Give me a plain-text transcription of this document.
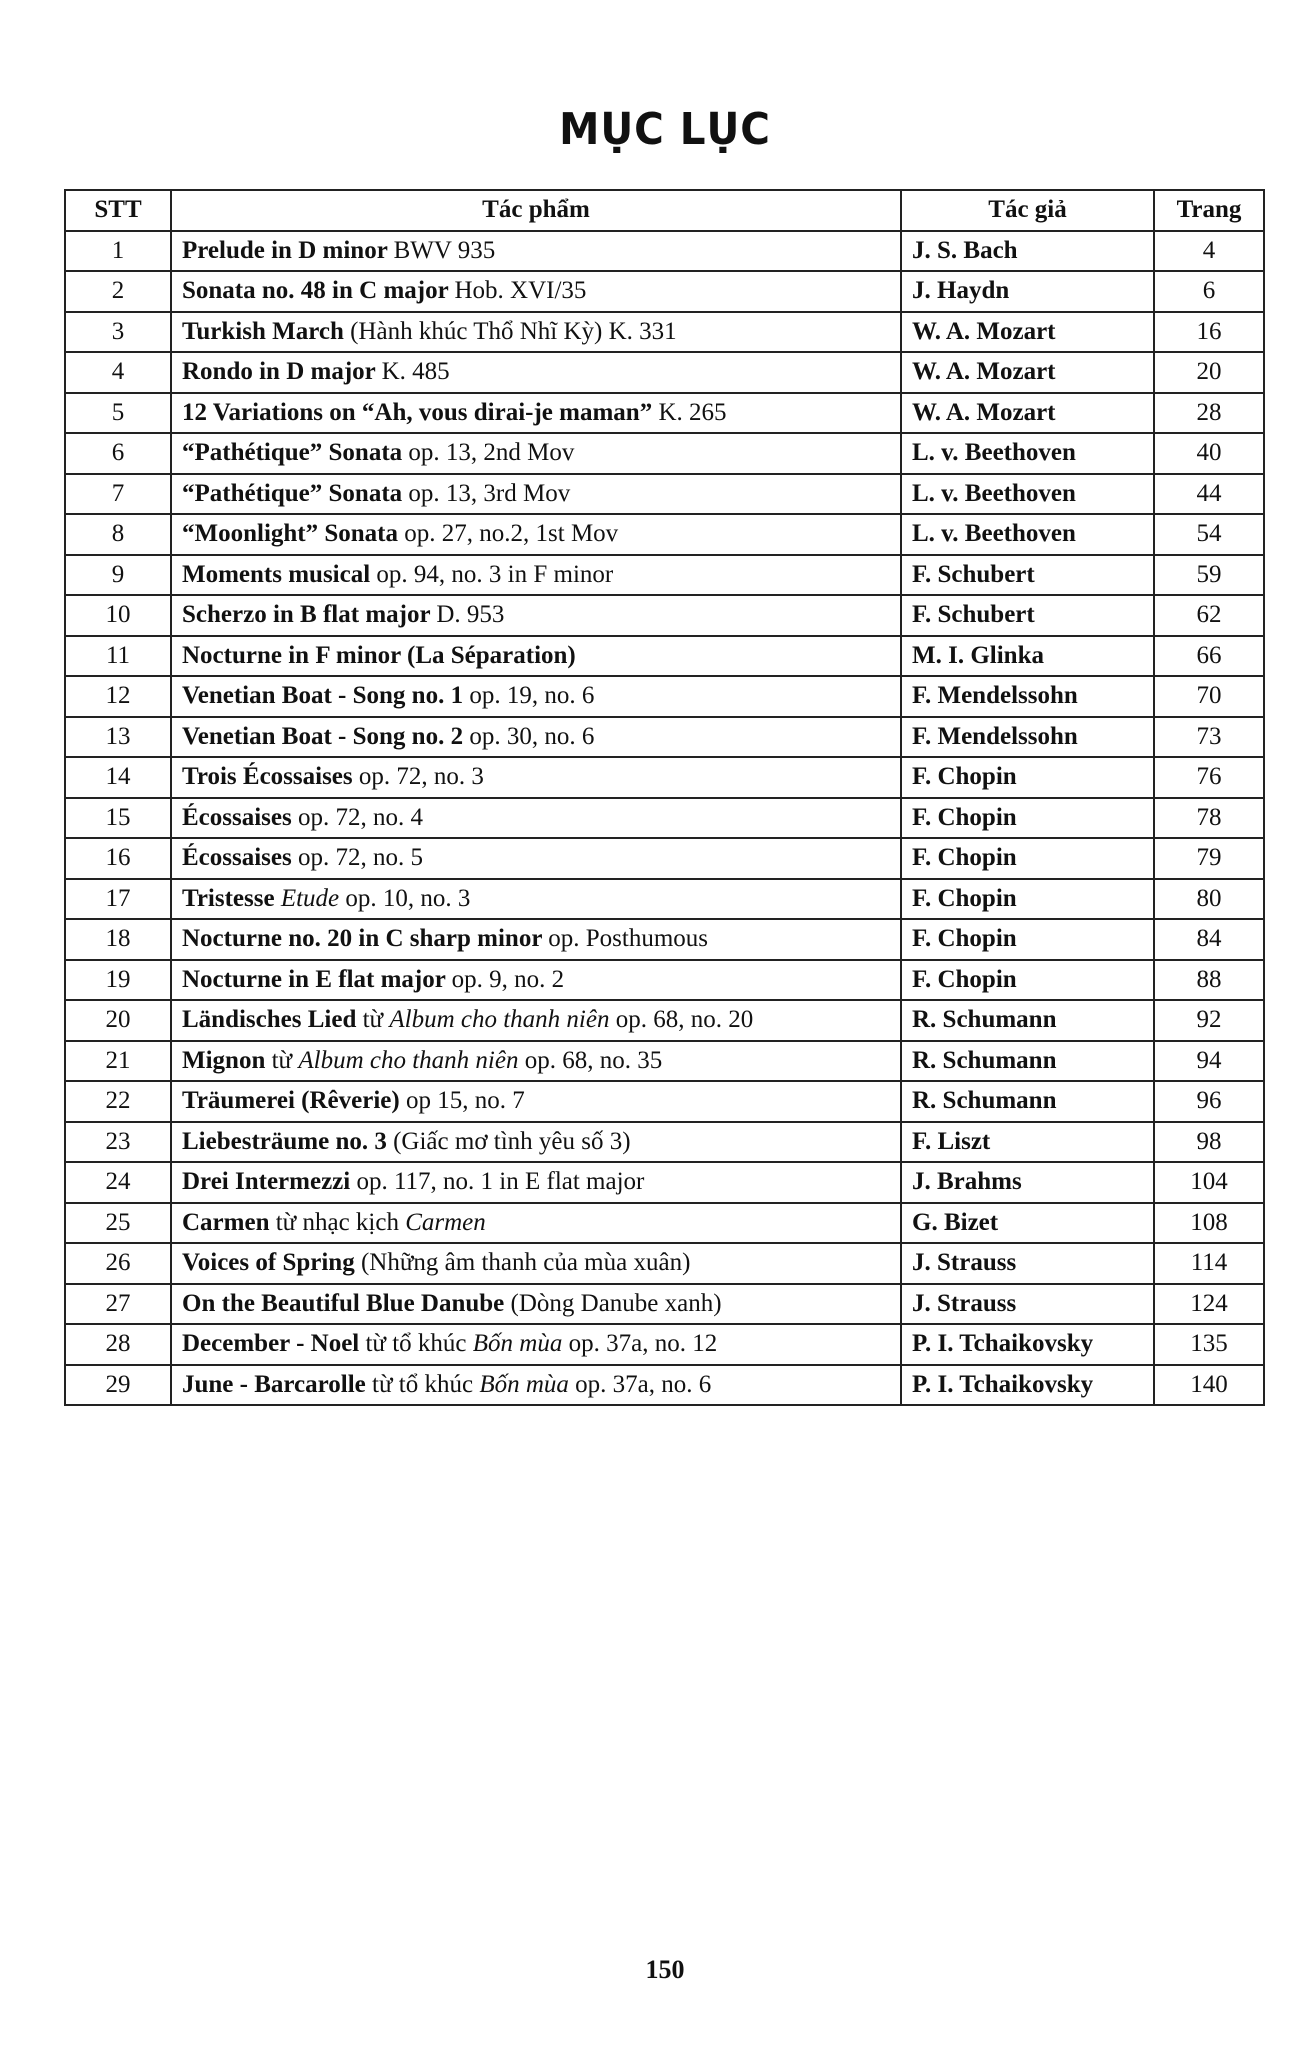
MỤC LỤC
STT	Tác phẩm	Tác giả	Trang
1	Prelude in D minor BWV 935	J. S. Bach	4
2	Sonata no. 48 in C major Hob. XVI/35	J. Haydn	6
3	Turkish March (Hành khúc Thổ Nhĩ Kỳ) K. 331	W. A. Mozart	16
4	Rondo in D major K. 485	W. A. Mozart	20
5	12 Variations on “Ah, vous dirai-je maman” K. 265	W. A. Mozart	28
6	“Pathétique” Sonata op. 13, 2nd Mov	L. v. Beethoven	40
7	“Pathétique” Sonata op. 13, 3rd Mov	L. v. Beethoven	44
8	“Moonlight” Sonata op. 27, no.2, 1st Mov	L. v. Beethoven	54
9	Moments musical op. 94, no. 3 in F minor	F. Schubert	59
10	Scherzo in B flat major D. 953	F. Schubert	62
11	Nocturne in F minor (La Séparation)	M. I. Glinka	66
12	Venetian Boat - Song no. 1 op. 19, no. 6	F. Mendelssohn	70
13	Venetian Boat - Song no. 2 op. 30, no. 6	F. Mendelssohn	73
14	Trois Écossaises op. 72, no. 3	F. Chopin	76
15	Écossaises op. 72, no. 4	F. Chopin	78
16	Écossaises op. 72, no. 5	F. Chopin	79
17	Tristesse Etude op. 10, no. 3	F. Chopin	80
18	Nocturne no. 20 in C sharp minor op. Posthumous	F. Chopin	84
19	Nocturne in E flat major op. 9, no. 2	F. Chopin	88
20	Ländisches Lied từ Album cho thanh niên op. 68, no. 20	R. Schumann	92
21	Mignon từ Album cho thanh niên op. 68, no. 35	R. Schumann	94
22	Träumerei (Rêverie) op 15, no. 7	R. Schumann	96
23	Liebesträume no. 3 (Giấc mơ tình yêu số 3)	F. Liszt	98
24	Drei Intermezzi op. 117, no. 1 in E flat major	J. Brahms	104
25	Carmen từ nhạc kịch Carmen	G. Bizet	108
26	Voices of Spring (Những âm thanh của mùa xuân)	J. Strauss	114
27	On the Beautiful Blue Danube (Dòng Danube xanh)	J. Strauss	124
28	December - Noel từ tổ khúc Bốn mùa op. 37a, no. 12	P. I. Tchaikovsky	135
29	June - Barcarolle từ tổ khúc Bốn mùa op. 37a, no. 6	P. I. Tchaikovsky	140
150
